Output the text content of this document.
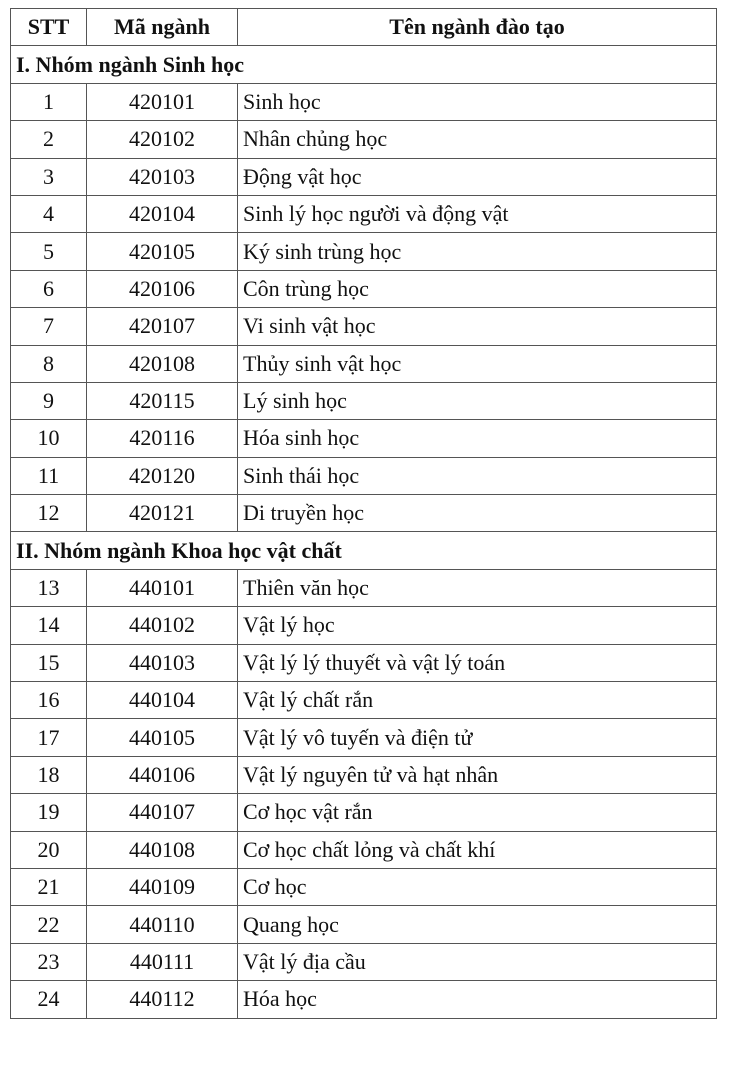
STT	Mã ngành	Tên ngành đào tạo
I. Nhóm ngành Sinh học		
1	420101	Sinh học
2	420102	Nhân chủng học
3	420103	Động vật học
4	420104	Sinh lý học người và động vật
5	420105	Ký sinh trùng học
6	420106	Côn trùng học
7	420107	Vi sinh vật học
8	420108	Thủy sinh vật học
9	420115	Lý sinh học
10	420116	Hóa sinh học
11	420120	Sinh thái học
12	420121	Di truyền học
II. Nhóm ngành Khoa học vật chất		
13	440101	Thiên văn học
14	440102	Vật lý học
15	440103	Vật lý lý thuyết và vật lý toán
16	440104	Vật lý chất rắn
17	440105	Vật lý vô tuyến và điện tử
18	440106	Vật lý nguyên tử và hạt nhân
19	440107	Cơ học vật rắn
20	440108	Cơ học chất lỏng và chất khí
21	440109	Cơ học
22	440110	Quang học
23	440111	Vật lý địa cầu
24	440112	Hóa học
